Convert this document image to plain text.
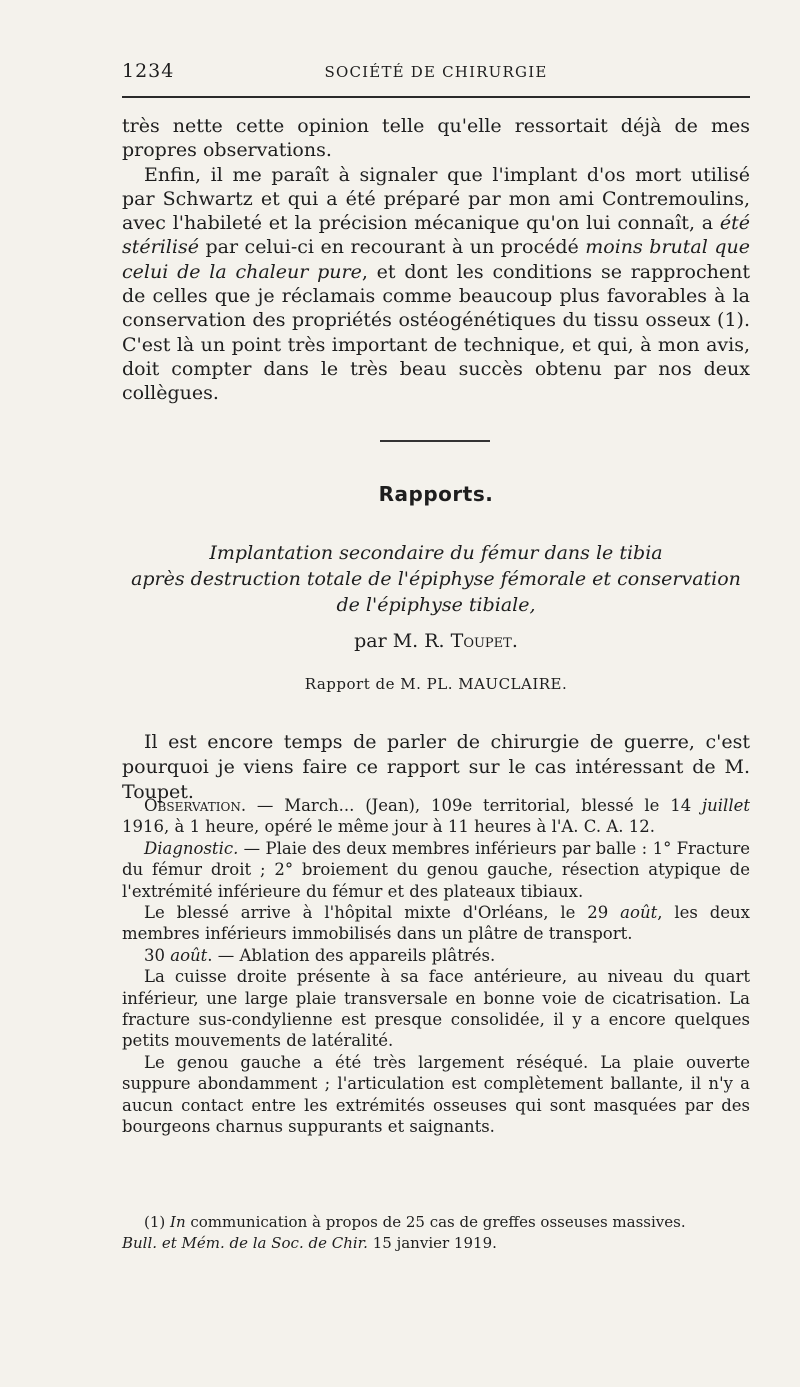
1234	SOCIÉTÉ DE CHIRURGIE

très nette cette opinion telle qu'elle ressortait déjà de mes propres observations.

Enfin, il me paraît à signaler que l'implant d'os mort utilisé par Schwartz et qui a été préparé par mon ami Contremoulins, avec l'habileté et la précision mécanique qu'on lui connaît, a été stérilisé par celui-ci en recourant à un procédé moins brutal que celui de la chaleur pure, et dont les conditions se rapprochent de celles que je réclamais comme beaucoup plus favorables à la conservation des propriétés ostéogénétiques du tissu osseux (1). C'est là un point très important de technique, et qui, à mon avis, doit compter dans le très beau succès obtenu par nos deux collègues.

Rapports.
Implantation secondaire du fémur dans le tibia
après destruction totale de l'épiphyse fémorale et conservation
de l'épiphyse tibiale,
par M. R. Toupet.
Rapport de M. PL. MAUCLAIRE.
Il est encore temps de parler de chirurgie de guerre, c'est pourquoi je viens faire ce rapport sur le cas intéressant de M. Toupet.

Observation. — March... (Jean), 109e territorial, blessé le 14 juillet 1916, à 1 heure, opéré le même jour à 11 heures à l'A. C. A. 12.

Diagnostic. — Plaie des deux membres inférieurs par balle : 1° Fracture du fémur droit ; 2° broiement du genou gauche, résection atypique de l'extrémité inférieure du fémur et des plateaux tibiaux.

Le blessé arrive à l'hôpital mixte d'Orléans, le 29 août, les deux membres inférieurs immobilisés dans un plâtre de transport.

30 août. — Ablation des appareils plâtrés.

La cuisse droite présente à sa face antérieure, au niveau du quart inférieur, une large plaie transversale en bonne voie de cicatrisation. La fracture sus-condylienne est presque consolidée, il y a encore quelques petits mouvements de latéralité.

Le genou gauche a été très largement réséqué. La plaie ouverte suppure abondamment ; l'articulation est complètement ballante, il n'y a aucun contact entre les extrémités osseuses qui sont masquées par des bourgeons charnus suppurants et saignants.

(1) In communication à propos de 25 cas de greffes osseuses massives.

Bull. et Mém. de la Soc. de Chir. 15 janvier 1919.
